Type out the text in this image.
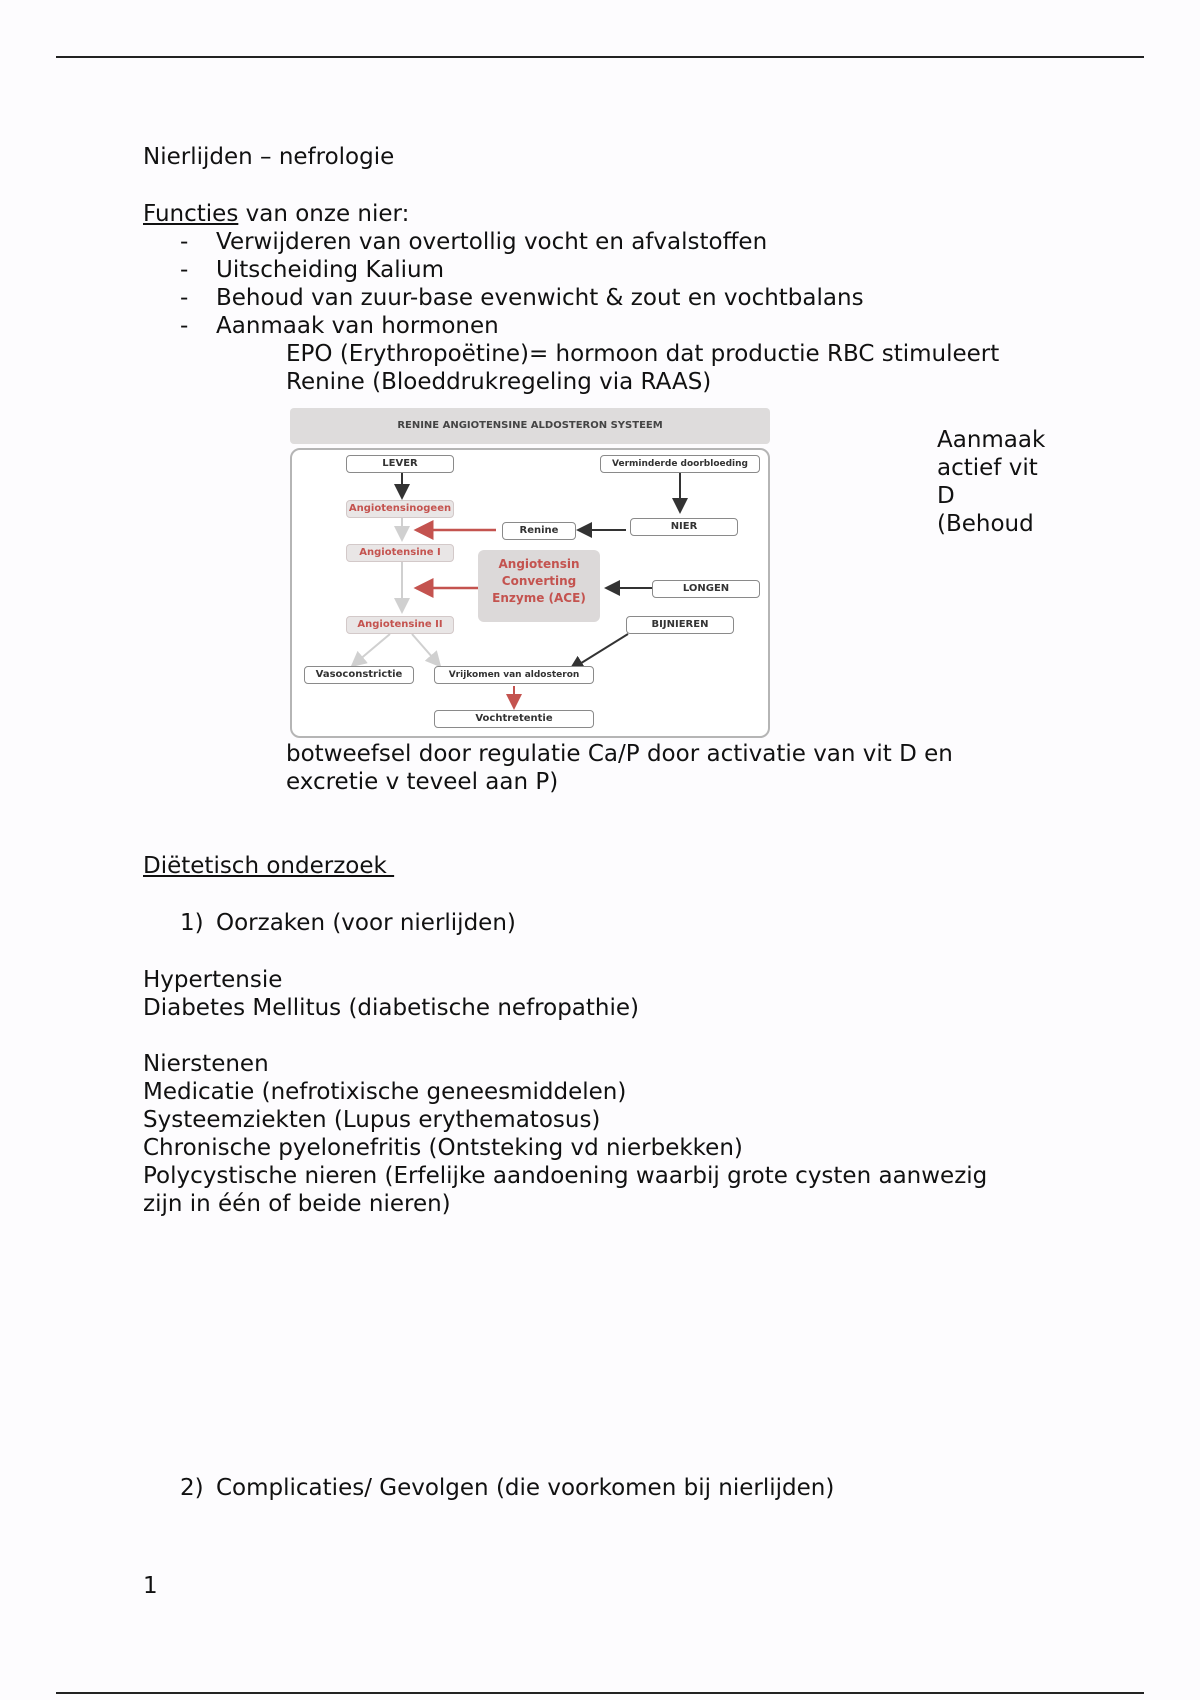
Nierlijden – nefrologie
Functies van onze nier:
- Verwijderen van overtollig vocht en afvalstoffen
- Uitscheiding Kalium
- Behoud van zuur-base evenwicht & zout en vochtbalans
- Aanmaak van hormonen
EPO (Erythropoëtine)= hormoon dat productie RBC stimuleert
Renine (Bloeddrukregeling via RAAS)
Aanmaak
actief vit
D
(Behoud
RENINE ANGIOTENSINE ALDOSTERON SYSTEEM
LEVER	Verminderde doorbloeding
Angiotensinogeen
Renine	NIER
Angiotensine I
Angiotensin
Converting
Enzyme (ACE)
LONGEN
Angiotensine II	BIJNIEREN
Vasoconstrictie	Vrijkomen van aldosteron
Vochtretentie
botweefsel door regulatie Ca/P door activatie van vit D en
excretie v teveel aan P)
Diëtetisch onderzoek
1) Oorzaken (voor nierlijden)
Hypertensie
Diabetes Mellitus (diabetische nefropathie)
Nierstenen
Medicatie (nefrotixische geneesmiddelen)
Systeemziekten (Lupus erythematosus)
Chronische pyelonefritis (Ontsteking vd nierbekken)
Polycystische nieren (Erfelijke aandoening waarbij grote cysten aanwezig
zijn in één of beide nieren)
2) Complicaties/ Gevolgen (die voorkomen bij nierlijden)
1
